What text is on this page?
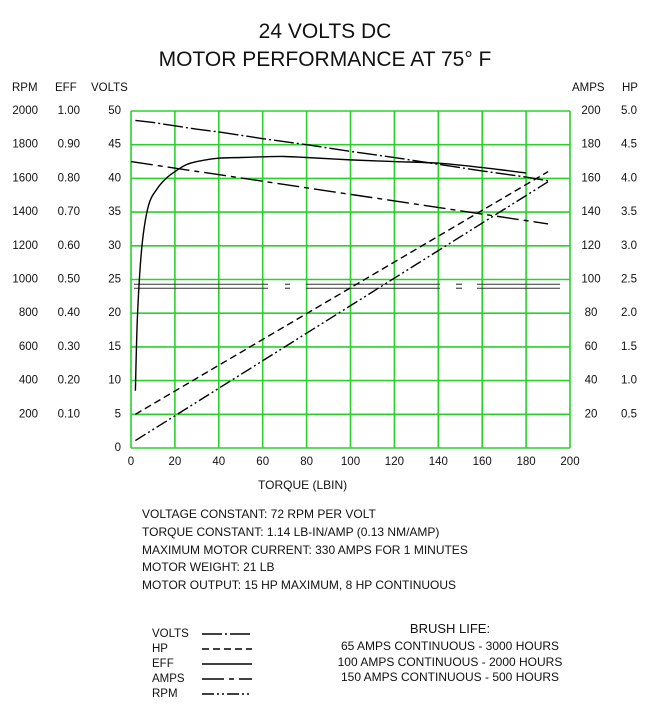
24 VOLTS DC
MOTOR PERFORMANCE AT 75° F
RPM EFF VOLTS	AMPS HP
0	20	40	60	80 100 120 140 160 180 200
0
5
10
15
20
25
30
35
40
45
50
200
400
600
800
1000
1200
1400
1600
1800
2000
0.10
0.20
0.30
0.40
0.50
0.60
0.70
0.80
0.90
1.00
20
40
60
80
100
120
140
160
180
200
0.5
1.0
1.5
2.0
2.5
3.0
3.5
4.0
4.5
5.0
TORQUE (LBIN)
VOLTAGE CONSTANT: 72 RPM PER VOLT
TORQUE CONSTANT: 1.14 LB-IN/AMP (0.13 NM/AMP)
MAXIMUM MOTOR CURRENT: 330 AMPS FOR 1 MINUTES
MOTOR WEIGHT: 21 LB
MOTOR OUTPUT: 15 HP MAXIMUM, 8 HP CONTINUOUS
VOLTS
HP
EFF
AMPS
RPM
BRUSH LIFE:
65 AMPS CONTINUOUS - 3000 HOURS
100 AMPS CONTINUOUS - 2000 HOURS
150 AMPS CONTINUOUS - 500 HOURS
